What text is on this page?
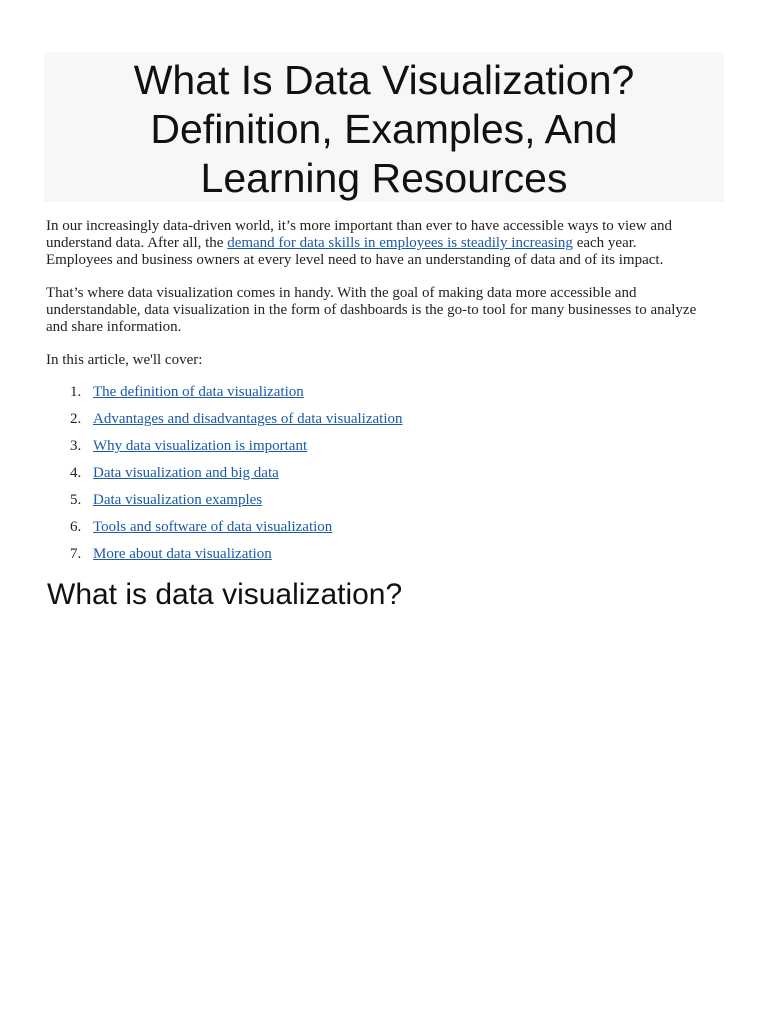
What Is Data Visualization?
Definition, Examples, And
Learning Resources

In our increasingly data-driven world, it’s more important than ever to have accessible ways to view and
understand data. After all, the demand for data skills in employees is steadily increasing each year.
Employees and business owners at every level need to have an understanding of data and of its impact.

That’s where data visualization comes in handy. With the goal of making data more accessible and
understandable, data visualization in the form of dashboards is the go-to tool for many businesses to analyze
and share information.

In this article, we'll cover:

1. The definition of data visualization
2. Advantages and disadvantages of data visualization
3. Why data visualization is important
4. Data visualization and big data
5. Data visualization examples
6. Tools and software of data visualization
7. More about data visualization
What is data visualization?
